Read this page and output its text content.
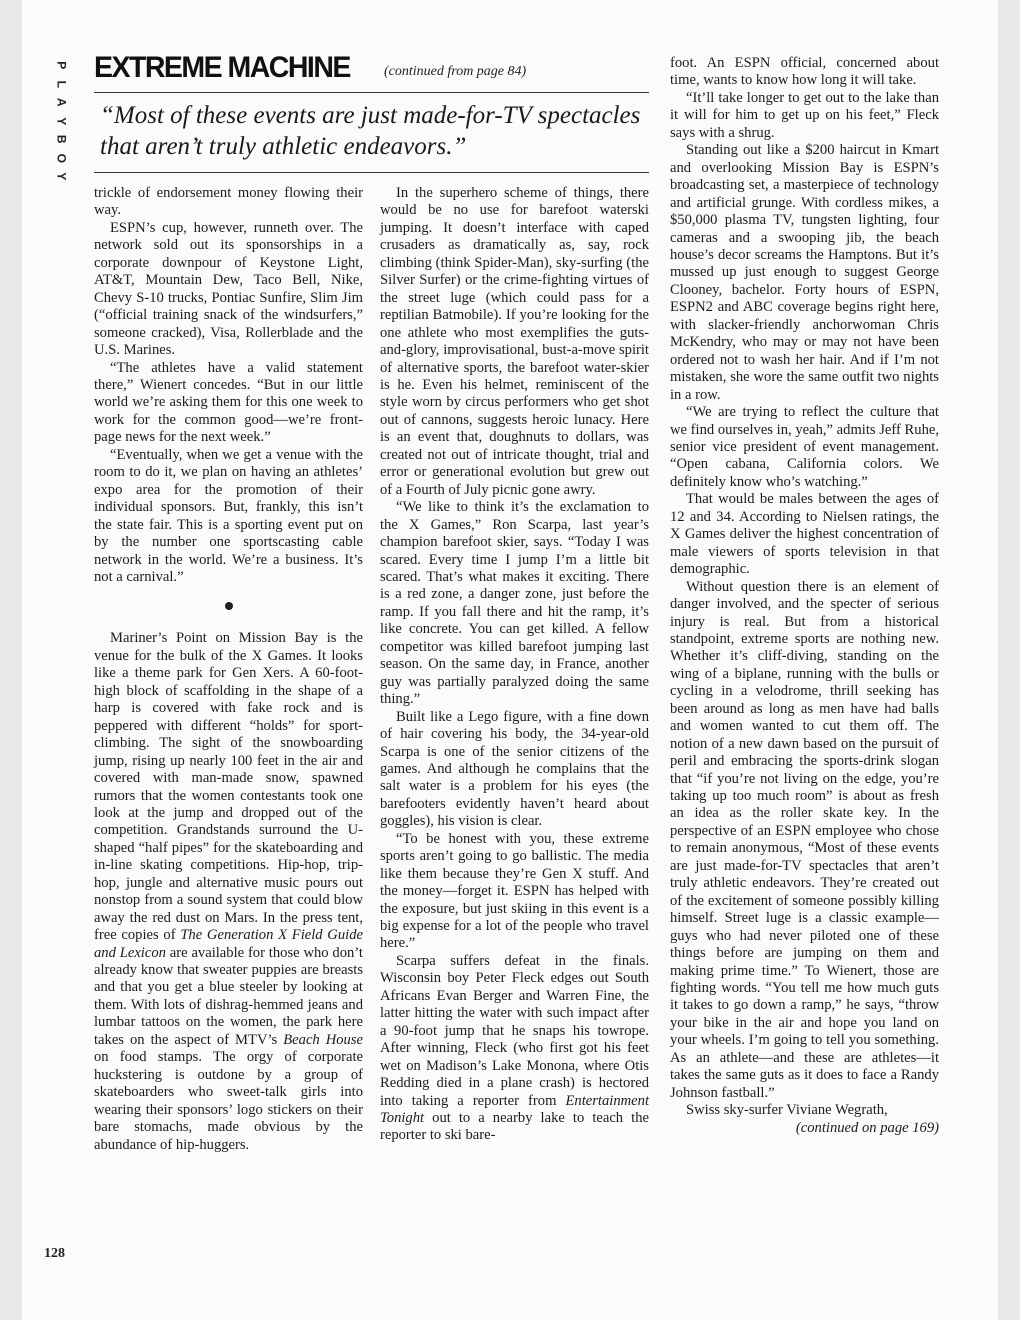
P
L
A
Y
B
O
Y
EXTREME MACHINE (continued from page 84)
“Most of these events are just made-for-TV spectacles that aren’t truly athletic endeavors.”

trickle of endorsement money flowing their way.

ESPN’s cup, however, runneth over. The network sold out its sponsorships in a corporate downpour of Keystone Light, AT&T, Mountain Dew, Taco Bell, Nike, Chevy S-10 trucks, Pontiac Sunfire, Slim Jim (“official training snack of the windsurfers,” someone cracked), Visa, Rollerblade and the U.S. Marines.

“The athletes have a valid statement there,” Wienert concedes. “But in our little world we’re asking them for this one week to work for the common good—we’re front-page news for the next week.”

“Eventually, when we get a venue with the room to do it, we plan on having an athletes’ expo area for the promotion of their individual sponsors. But, frankly, this isn’t the state fair. This is a sporting event put on by the number one sportscasting cable network in the world. We’re a business. It’s not a carnival.”

Mariner’s Point on Mission Bay is the venue for the bulk of the X Games. It looks like a theme park for Gen Xers. A 60-foot-high block of scaffolding in the shape of a harp is covered with fake rock and is peppered with different “holds” for sport-climbing. The sight of the snowboarding jump, rising up nearly 100 feet in the air and covered with man-made snow, spawned rumors that the women contestants took one look at the jump and dropped out of the competition. Grandstands surround the U-shaped “half pipes” for the skateboarding and in-line skating competitions. Hip-hop, trip-hop, jungle and alternative music pours out nonstop from a sound system that could blow away the red dust on Mars. In the press tent, free copies of The Generation X Field Guide and Lexicon are available for those who don’t already know that sweater puppies are breasts and that you get a blue steeler by looking at them. With lots of dishrag-hemmed jeans and lumbar tattoos on the women, the park here takes on the aspect of MTV’s Beach House on food stamps. The orgy of corporate huckstering is outdone by a group of skateboarders who sweet-talk girls into wearing their sponsors’ logo stickers on their bare stomachs, made obvious by the abundance of hip-huggers.

In the superhero scheme of things, there would be no use for barefoot waterski jumping. It doesn’t interface with caped crusaders as dramatically as, say, rock climbing (think Spider-Man), sky-surfing (the Silver Surfer) or the crime-fighting virtues of the street luge (which could pass for a reptilian Batmobile). If you’re looking for the one athlete who most exemplifies the guts-and-glory, improvisational, bust-a-move spirit of alternative sports, the barefoot water-skier is he. Even his helmet, reminiscent of the style worn by circus performers who get shot out of cannons, suggests heroic lunacy. Here is an event that, doughnuts to dollars, was created not out of intricate thought, trial and error or generational evolution but grew out of a Fourth of July picnic gone awry.

“We like to think it’s the exclamation to the X Games,” Ron Scarpa, last year’s champion barefoot skier, says. “Today I was scared. Every time I jump I’m a little bit scared. That’s what makes it exciting. There is a red zone, a danger zone, just before the ramp. If you fall there and hit the ramp, it’s like concrete. You can get killed. A fellow competitor was killed barefoot jumping last season. On the same day, in France, another guy was partially paralyzed doing the same thing.”

Built like a Lego figure, with a fine down of hair covering his body, the 34-year-old Scarpa is one of the senior citizens of the games. And although he complains that the salt water is a problem for his eyes (the barefooters evidently haven’t heard about goggles), his vision is clear.

“To be honest with you, these extreme sports aren’t going to go ballistic. The media like them because they’re Gen X stuff. And the money—forget it. ESPN has helped with the exposure, but just skiing in this event is a big expense for a lot of the people who travel here.”

Scarpa suffers defeat in the finals. Wisconsin boy Peter Fleck edges out South Africans Evan Berger and Warren Fine, the latter hitting the water with such impact after a 90-foot jump that he snaps his towrope. After winning, Fleck (who first got his feet wet on Madison’s Lake Monona, where Otis Redding died in a plane crash) is hectored into taking a reporter from Entertainment Tonight out to a nearby lake to teach the reporter to ski bare-

foot. An ESPN official, concerned about time, wants to know how long it will take.

“It’ll take longer to get out to the lake than it will for him to get up on his feet,” Fleck says with a shrug.

Standing out like a $200 haircut in Kmart and overlooking Mission Bay is ESPN’s broadcasting set, a masterpiece of technology and artificial grunge. With cordless mikes, a $50,000 plasma TV, tungsten lighting, four cameras and a swooping jib, the beach house’s decor screams the Hamptons. But it’s mussed up just enough to suggest George Clooney, bachelor. Forty hours of ESPN, ESPN2 and ABC coverage begins right here, with slacker-friendly anchorwoman Chris McKendry, who may or may not have been ordered not to wash her hair. And if I’m not mistaken, she wore the same outfit two nights in a row.

“We are trying to reflect the culture that we find ourselves in, yeah,” admits Jeff Ruhe, senior vice president of event management. “Open cabana, California colors. We definitely know who’s watching.”

That would be males between the ages of 12 and 34. According to Nielsen ratings, the X Games deliver the highest concentration of male viewers of sports television in that demographic.

Without question there is an element of danger involved, and the specter of serious injury is real. But from a historical standpoint, extreme sports are nothing new. Whether it’s cliff-diving, standing on the wing of a biplane, running with the bulls or cycling in a velodrome, thrill seeking has been around as long as men have had balls and women wanted to cut them off. The notion of a new dawn based on the pursuit of peril and embracing the sports-drink slogan that “if you’re not living on the edge, you’re taking up too much room” is about as fresh an idea as the roller skate key. In the perspective of an ESPN employee who chose to remain anonymous, “Most of these events are just made-for-TV spectacles that aren’t truly athletic endeavors. They’re created out of the excitement of someone possibly killing himself. Street luge is a classic example—guys who had never piloted one of these things before are jumping on them and making prime time.” To Wienert, those are fighting words. “You tell me how much guts it takes to go down a ramp,” he says, “throw your bike in the air and hope you land on your wheels. I’m going to tell you something. As an athlete—and these are athletes—it takes the same guts as it does to face a Randy Johnson fastball.”

Swiss sky-surfer Viviane Wegrath,

(continued on page 169)

128
